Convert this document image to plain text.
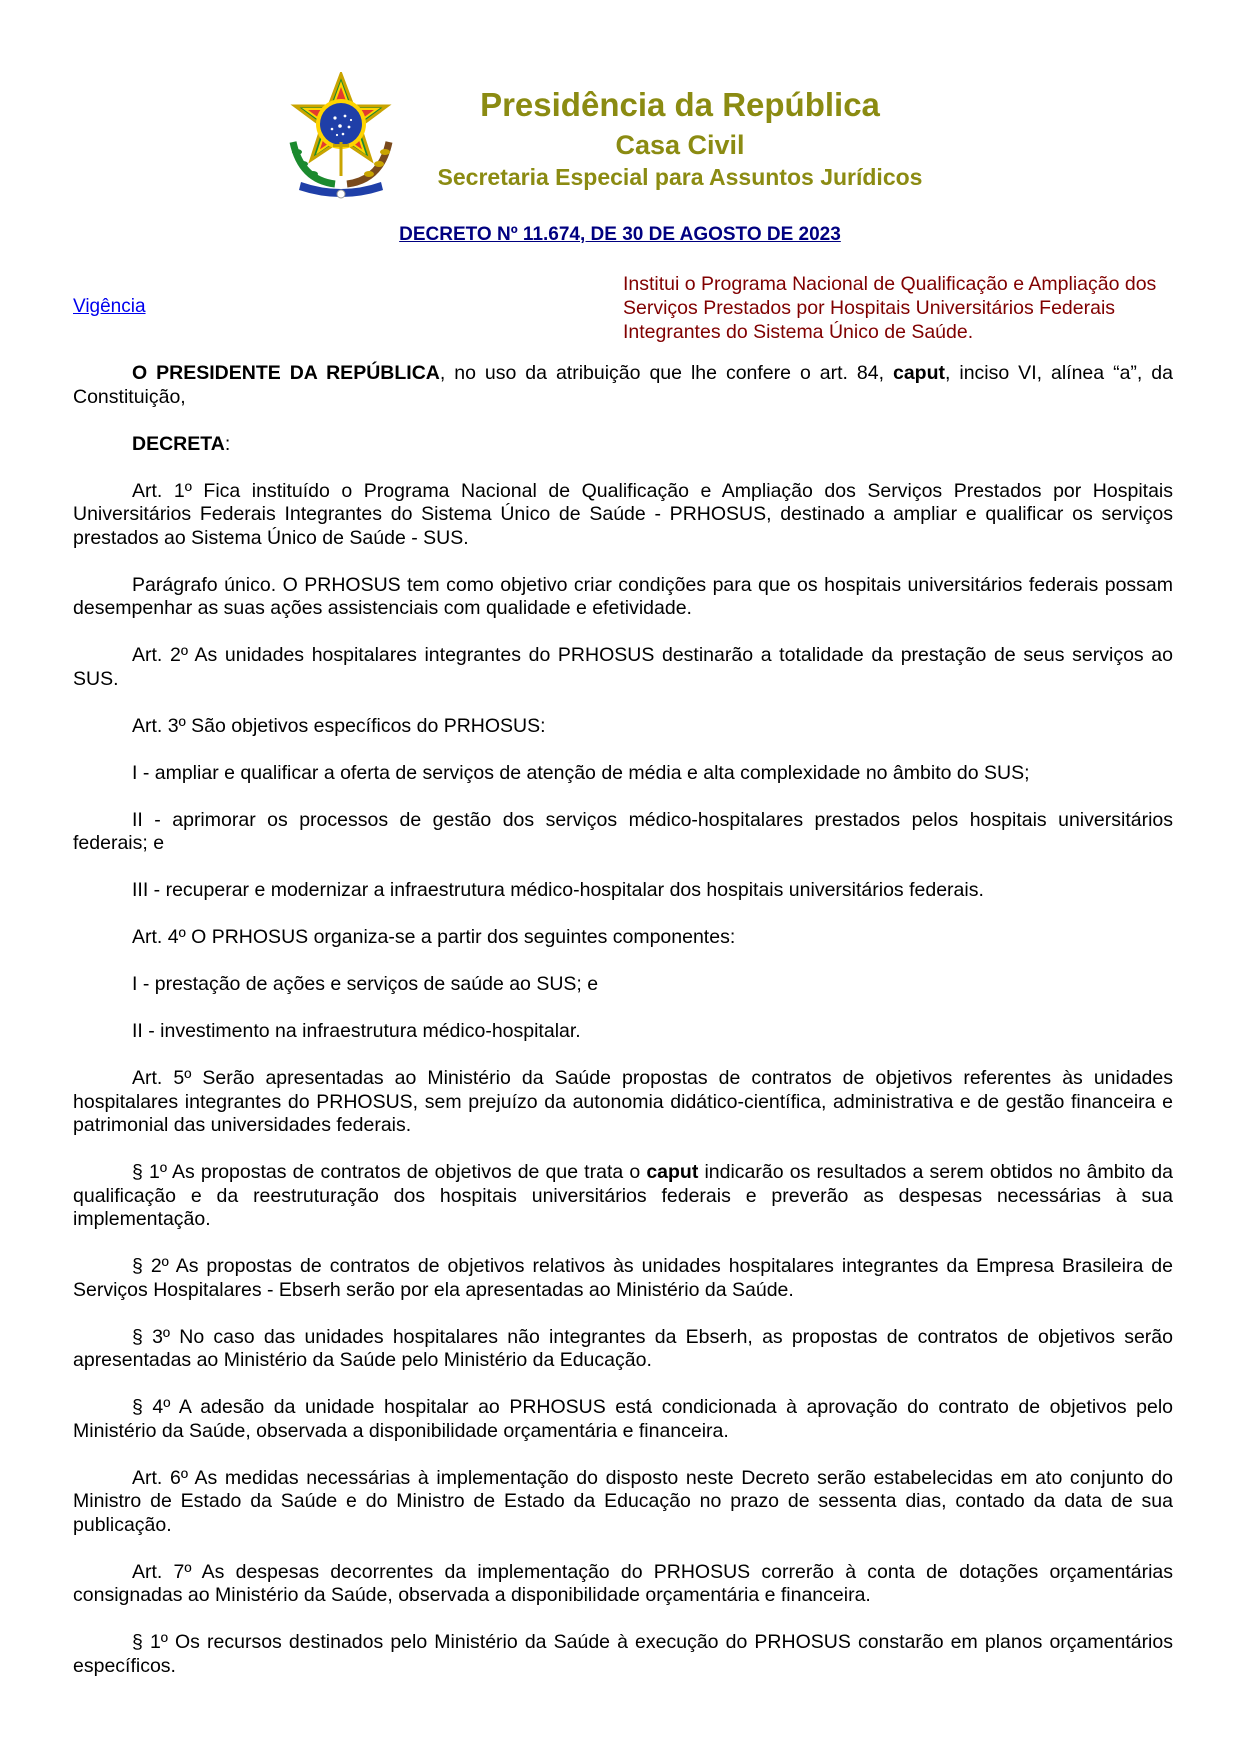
Presidência da República
Casa Civil
Secretaria Especial para Assuntos Jurídicos
DECRETO Nº 11.674, DE 30 DE AGOSTO DE 2023
Vigência
Institui o Programa Nacional de Qualificação e Ampliação dos Serviços Prestados por Hospitais Universitários Federais Integrantes do Sistema Único de Saúde.

O PRESIDENTE DA REPÚBLICA, no uso da atribuição que lhe confere o art. 84, caput, inciso VI, alínea “a”, da Constituição,

DECRETA:

Art. 1º Fica instituído o Programa Nacional de Qualificação e Ampliação dos Serviços Prestados por Hospitais Universitários Federais Integrantes do Sistema Único de Saúde - PRHOSUS, destinado a ampliar e qualificar os serviços prestados ao Sistema Único de Saúde - SUS.

Parágrafo único. O PRHOSUS tem como objetivo criar condições para que os hospitais universitários federais possam desempenhar as suas ações assistenciais com qualidade e efetividade.

Art. 2º As unidades hospitalares integrantes do PRHOSUS destinarão a totalidade da prestação de seus serviços ao SUS.

Art. 3º São objetivos específicos do PRHOSUS:

I - ampliar e qualificar a oferta de serviços de atenção de média e alta complexidade no âmbito do SUS;

II - aprimorar os processos de gestão dos serviços médico-hospitalares prestados pelos hospitais universitários federais; e

III - recuperar e modernizar a infraestrutura médico-hospitalar dos hospitais universitários federais.

Art. 4º O PRHOSUS organiza-se a partir dos seguintes componentes:

I - prestação de ações e serviços de saúde ao SUS; e

II - investimento na infraestrutura médico-hospitalar.

Art. 5º Serão apresentadas ao Ministério da Saúde propostas de contratos de objetivos referentes às unidades hospitalares integrantes do PRHOSUS, sem prejuízo da autonomia didático-científica, administrativa e de gestão financeira e patrimonial das universidades federais.

§ 1º As propostas de contratos de objetivos de que trata o caput indicarão os resultados a serem obtidos no âmbito da qualificação e da reestruturação dos hospitais universitários federais e preverão as despesas necessárias à sua implementação.

§ 2º As propostas de contratos de objetivos relativos às unidades hospitalares integrantes da Empresa Brasileira de Serviços Hospitalares - Ebserh serão por ela apresentadas ao Ministério da Saúde.

§ 3º No caso das unidades hospitalares não integrantes da Ebserh, as propostas de contratos de objetivos serão apresentadas ao Ministério da Saúde pelo Ministério da Educação.

§ 4º A adesão da unidade hospitalar ao PRHOSUS está condicionada à aprovação do contrato de objetivos pelo Ministério da Saúde, observada a disponibilidade orçamentária e financeira.

Art. 6º As medidas necessárias à implementação do disposto neste Decreto serão estabelecidas em ato conjunto do Ministro de Estado da Saúde e do Ministro de Estado da Educação no prazo de sessenta dias, contado da data de sua publicação.

Art. 7º As despesas decorrentes da implementação do PRHOSUS correrão à conta de dotações orçamentárias consignadas ao Ministério da Saúde, observada a disponibilidade orçamentária e financeira.

§ 1º Os recursos destinados pelo Ministério da Saúde à execução do PRHOSUS constarão em planos orçamentários específicos.
